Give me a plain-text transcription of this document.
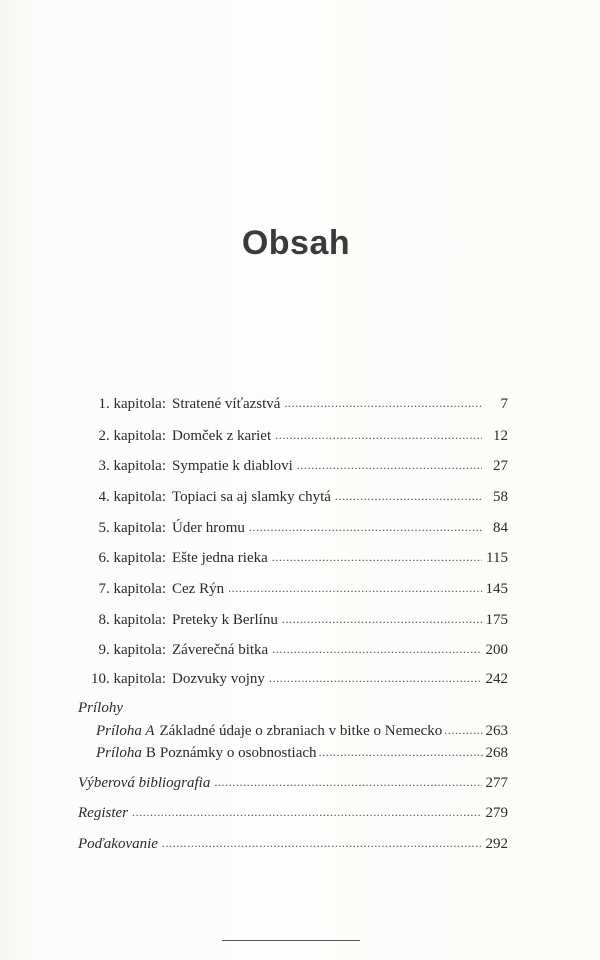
Obsah
1. kapitola: Stratené víťazstvá .....	7
2. kapitola: Domček z kariet .....	12
3. kapitola: Sympatie k diablovi .....	27
4. kapitola: Topiaci sa aj slamky chytá .....	58
5. kapitola: Úder hromu .....	84
6. kapitola: Ešte jedna rieka .....	115
7. kapitola: Cez Rýn .....	145
8. kapitola: Preteky k Berlínu .....	175
9. kapitola: Záverečná bitka .....	200
10. kapitola: Dozvuky vojny .....	242
Prílohy
Príloha A Základné údaje o zbraniach v bitke o Nemecko .....	263
Príloha B Poznámky o osobnostiach .....	268
Výberová bibliografia .....	277
Register .....	279
Poďakovanie .....	292
